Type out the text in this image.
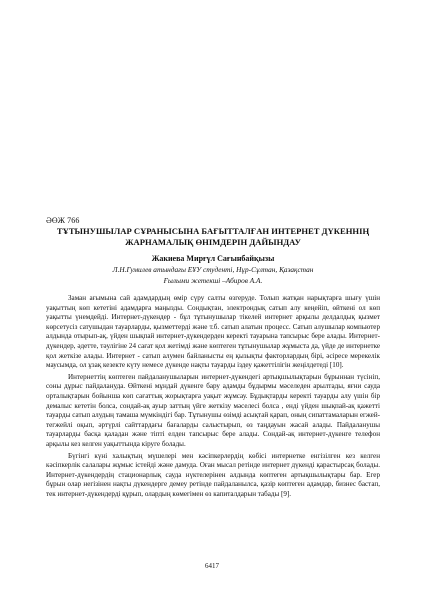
ӘӨЖ 766
ТҰТЫНУШЫЛАР СҰРАНЫСЫНА БАҒЫТТАЛҒАН ИНТЕРНЕТ ДҮКЕННІҢ ЖАРНАМАЛЫҚ ӨНІМДЕРІН ДАЙЫНДАУ
Жакиева Мирғүл Сағынбайқызы
Л.Н.Гумилев атындағы ЕҰУ студенті, Нұр-Сұлтан, Қазақстан
Ғылыми жетекші –Абиров А.А.

Заман ағымына сай адамдардың өмір сүру салты өзгеруде. Толып жатқан нарықтарға шығу үшін уақыттың көп кететіні адамдарға маңызды. Сондықтан, электрондық сатып алу кеңейіп, өйткені ол көп уақытты үнемдейді. Интернет-дүкендер - бұл тұтынушылар тікелей интернет арқылы делдалдық қызмет көрсетусіз сатушыдан тауарларды, қызметтерді және т.б. сатып алатын процесс. Сатып алушылар компьютер алдында отырып-ақ, үйден шықпай интернет-дүкендерден керекті тауарына тапсырыс бере алады. Интернет-дүкендер, әдетте, тәулігіне 24 сағат қол жетімді және көптеген тұтынушылар жұмыста да, үйде де интернетке қол жеткізе алады. Интернет - сатып алумен байланысты ең қызықты факторлардың бірі, әсіресе мерекелік маусымда, ол ұзақ кезекте күту немесе дүкенде нақты тауарды іздеу қажеттілігін жеңілдетеді [10].

Интернеттің көптеген пайдаланушыларын интернет-дүкендегі артықшылықтарын бұрыннан түсініп, соны дұрыс пайдалануда. Өйткені мұндай дүкенге бару адамды бұдырмы мәселеден арылтады, яғни сауда орталықтарын бойынша көп сағаттық жорықтарға уақыт жұмсау. Бұдықтарды керекті тауарды алу үшін бір демалыс кететін болса, сондай-ақ ауыр заттың үйге жеткізу мәселесі болса , енді үйден шықпай-ақ қажетті тауарды сатып алудың тамаша мүмкіндігі бар. Тұтынушы өзімді асықтай қарап, оның сипаттамаларын егжей-тегжейлі оқып, әртүрлі сайттардағы бағаларды салыстырып, өз таңдауын жасай алады. Пайдаланушы тауарларды басқа қаладан және тіпті елден тапсырыс бере алады. Сондай-ақ интернет-дүкенге телефон арқылы кез келген уақыттында кіруге болады.

Бүгінгі күні халықтың мүшелері мен кәсіпкерлердің көбісі интернетке енгізілген кез келген кәсіпкерлік салалары жұмыс істейді және дамуда. Оған мысал ретінде интернет дүкенді қарастырсақ болады. Интернет-дүкендердің стационарлық сауда нүктелерінен алдында көптеген артықшылықтары бар. Егер бұрын олар негізінен нақты дүкендерге демеу ретінде пайдаланылса, қазір көптеген адамдар, бизнес бастап, тек интернет-дүкендерді құрып, олардың көмегімен өз капиталдарын табады [9].

6417
